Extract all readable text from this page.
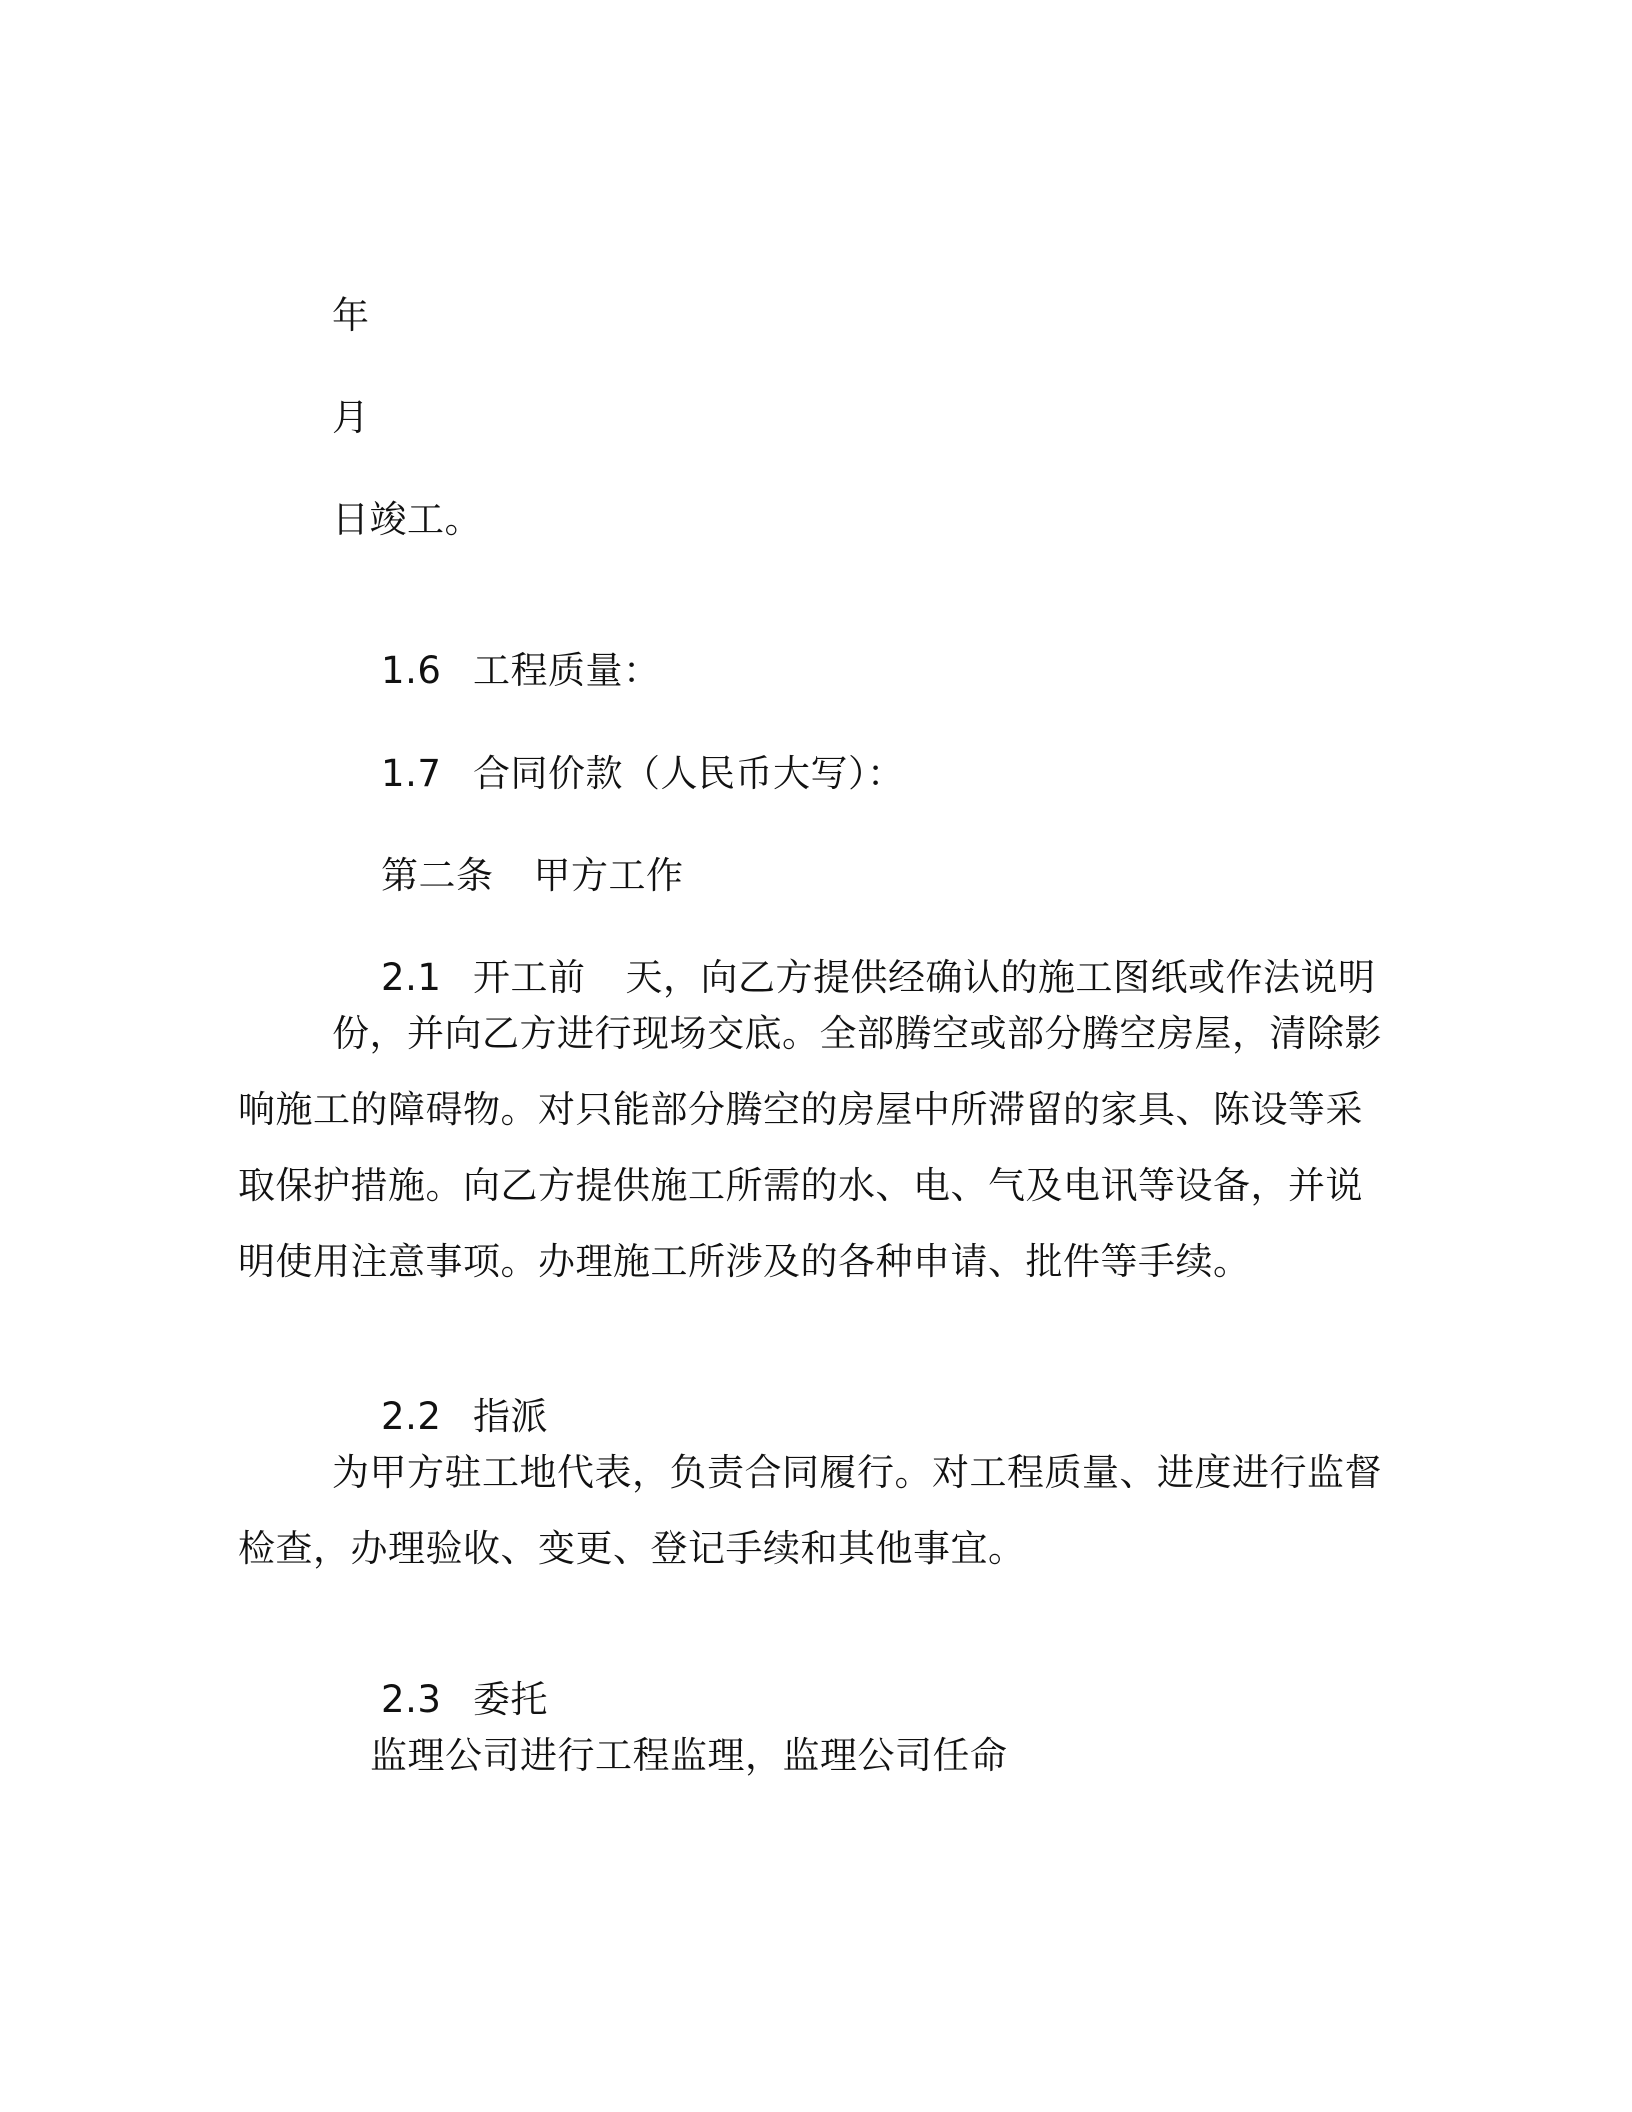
年
月
日竣工。

1.6 工程质量：

1.7 合同价款（人民币大写）：

第二条 甲方工作

2.1 开工前 天，向乙方提供经确认的施工图纸或作法说明

份，并向乙方进行现场交底。全部腾空或部分腾空房屋，清除影
响施工的障碍物。对只能部分腾空的房屋中所滞留的家具、陈设等采
取保护措施。向乙方提供施工所需的水、电、气及电讯等设备，并说
明使用注意事项。办理施工所涉及的各种申请、批件等手续。

2.2 指派

为甲方驻工地代表，负责合同履行。对工程质量、进度进行监督
检查，办理验收、变更、登记手续和其他事宜。

2.3 委托

监理公司进行工程监理，监理公司任命
